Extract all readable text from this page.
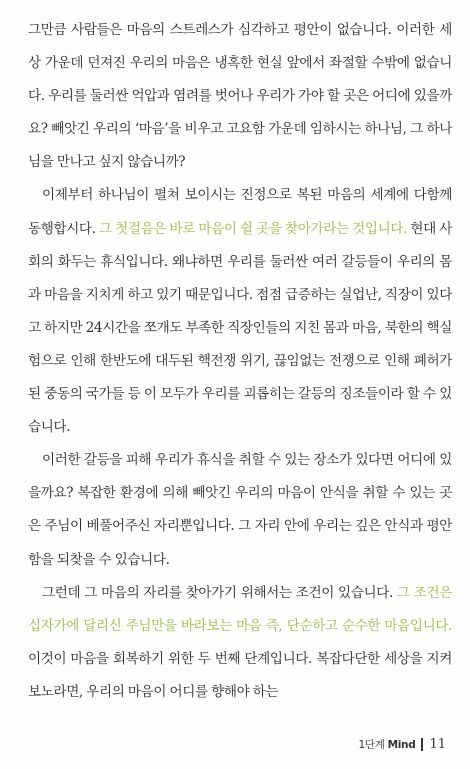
그만큼 사람들은 마음의 스트레스가 심각하고 평안이 없습니다. 이러한 세상 가운데 던져진 우리의 마음은 냉혹한 현실 앞에서 좌절할 수밖에 없습니다. 우리를 둘러싼 억압과 염려를 벗어나 우리가 가야 할 곳은 어디에 있을까요? 빼앗긴 우리의 ‘마음’을 비우고 고요함 가운데 임하시는 하나님, 그 하나님을 만나고 싶지 않습니까?

이제부터 하나님이 펼쳐 보이시는 진정으로 복된 마음의 세계에 다함께 동행합시다. 그 첫걸음은 바로 마음이 쉴 곳을 찾아가라는 것입니다. 현대 사회의 화두는 휴식입니다. 왜냐하면 우리를 둘러싼 여러 갈등들이 우리의 몸과 마음을 지치게 하고 있기 때문입니다. 점점 급증하는 실업난, 직장이 있다고 하지만 24시간을 쪼개도 부족한 직장인들의 지친 몸과 마음, 북한의 핵실험으로 인해 한반도에 대두된 핵전쟁 위기, 끊임없는 전쟁으로 인해 폐허가 된 중동의 국가들 등 이 모두가 우리를 괴롭히는 갈등의 징조들이라 할 수 있습니다.

이러한 갈등을 피해 우리가 휴식을 취할 수 있는 장소가 있다면 어디에 있을까요? 복잡한 환경에 의해 빼앗긴 우리의 마음이 안식을 취할 수 있는 곳은 주님이 베풀어주신 자리뿐입니다. 그 자리 안에 우리는 깊은 안식과 평안함을 되찾을 수 있습니다.

그런데 그 마음의 자리를 찾아가기 위해서는 조건이 있습니다. 그 조건은 십자가에 달리신 주님만을 바라보는 마음 즉, 단순하고 순수한 마음입니다. 이것이 마음을 회복하기 위한 두 번째 단계입니다. 복잡다단한 세상을 지켜보노라면, 우리의 마음이 어디를 향해야 하는

1단계 Mind 11
